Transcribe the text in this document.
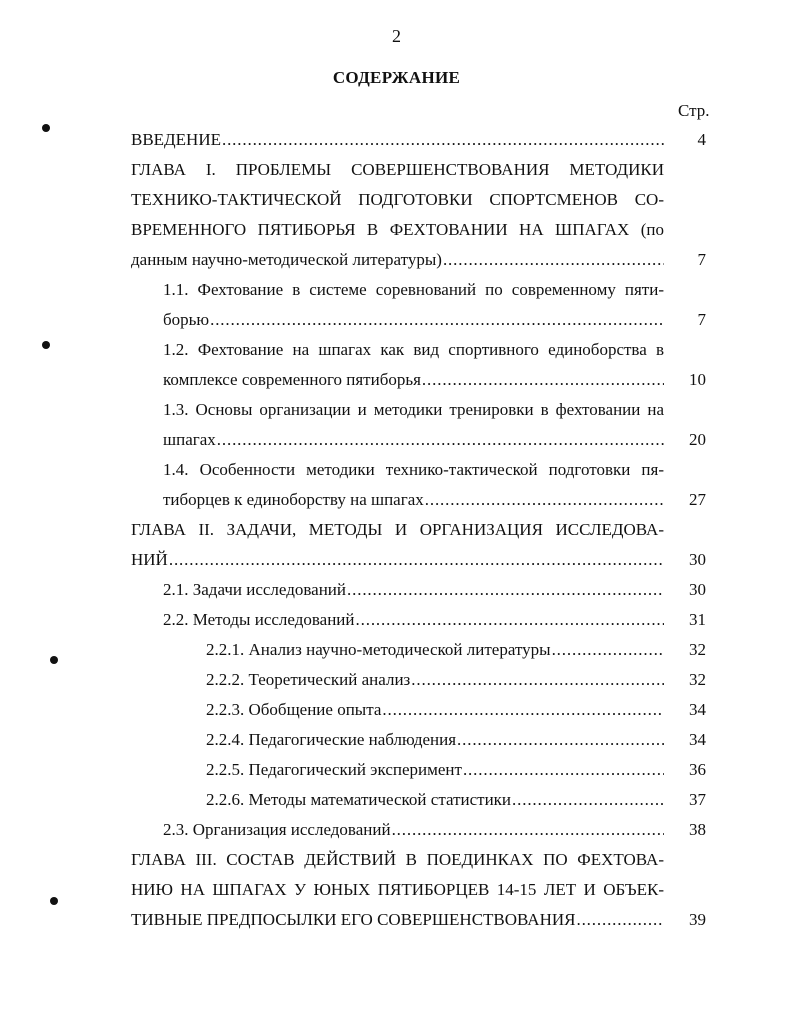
2
СОДЕРЖАНИЕ
Стр.
ВВЕДЕНИЕ . . .	4
ГЛАВА I. ПРОБЛЕМЫ СОВЕРШЕНСТВОВАНИЯ МЕТОДИКИ
ТЕХНИКО-ТАКТИЧЕСКОЙ ПОДГОТОВКИ СПОРТСМЕНОВ СО-
ВРЕМЕННОГО ПЯТИБОРЬЯ В ФЕХТОВАНИИ НА ШПАГАХ (по
данным научно-методической литературы) . . .	7
1.1. Фехтование в системе соревнований по современному пяти-
борью . . .	7
1.2. Фехтование на шпагах как вид спортивного единоборства в
комплексе современного пятиборья . . .	10
1.3. Основы организации и методики тренировки в фехтовании на
шпагах . . .	20
1.4. Особенности методики технико-тактической подготовки пя-
тиборцев к единоборству на шпагах . . .	27
ГЛАВА II. ЗАДАЧИ, МЕТОДЫ И ОРГАНИЗАЦИЯ ИССЛЕДОВА-
НИЙ . . .	30
2.1. Задачи исследований . . .	30
2.2. Методы исследований . . .	31
2.2.1. Анализ научно-методической литературы . . .	32
2.2.2. Теоретический анализ . . .	32
2.2.3. Обобщение опыта . . .	34
2.2.4. Педагогические наблюдения . . .	34
2.2.5. Педагогический эксперимент . . .	36
2.2.6. Методы математической статистики . . .	37
2.3. Организация исследований . . .	38
ГЛАВА III. СОСТАВ ДЕЙСТВИЙ В ПОЕДИНКАХ ПО ФЕХТОВА-
НИЮ НА ШПАГАХ У ЮНЫХ ПЯТИБОРЦЕВ 14-15 ЛЕТ И ОБЪЕК-
ТИВНЫЕ ПРЕДПОСЫЛКИ ЕГО СОВЕРШЕНСТВОВАНИЯ . . .	39
